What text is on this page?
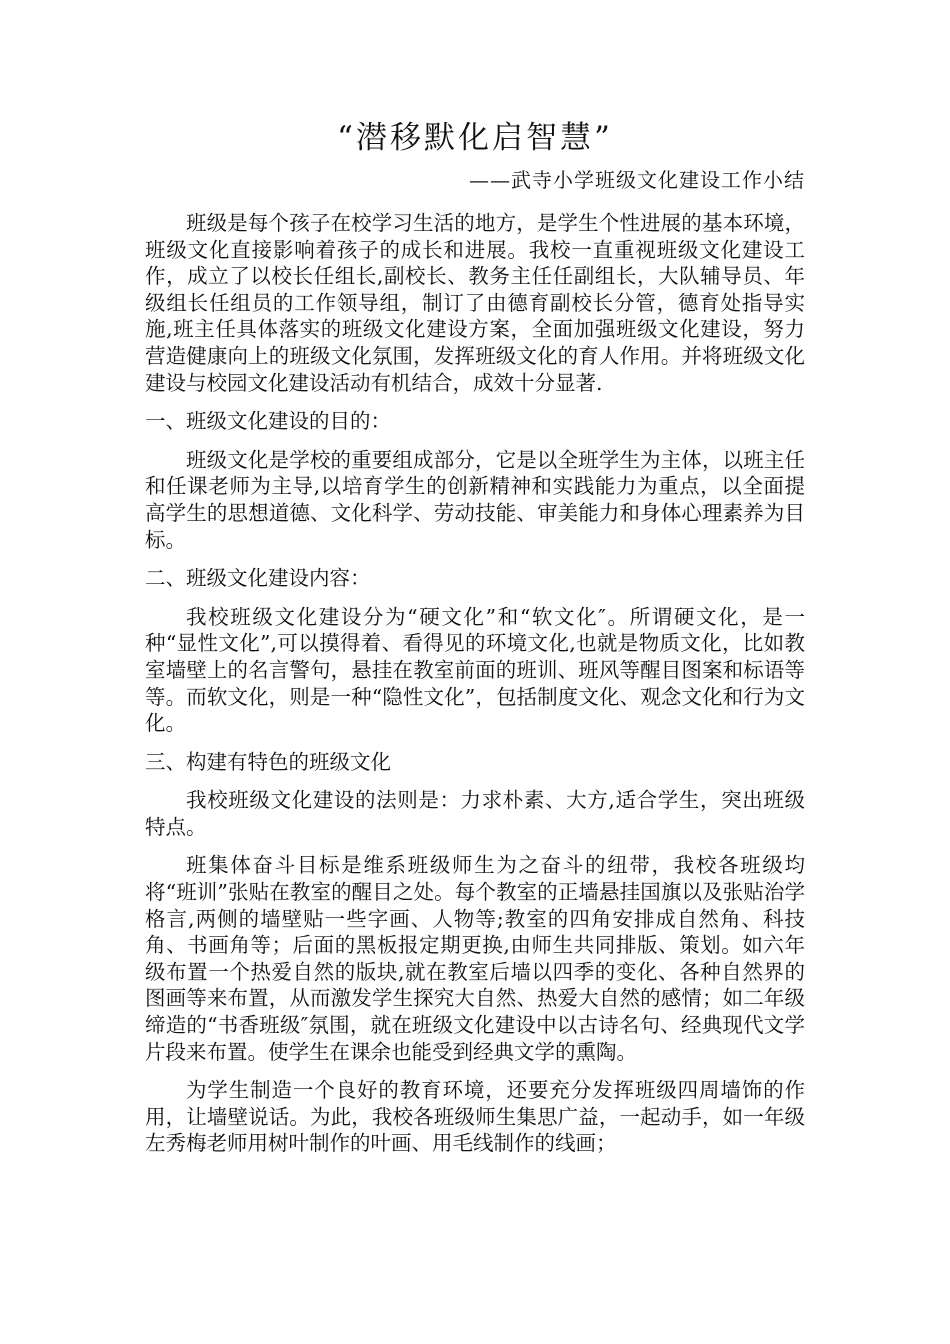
“潜移默化启智慧”
——武寺小学班级文化建设工作小结

班级是每个孩子在校学习生活的地方，是学生个性进展的基本环境，班级文化直接影响着孩子的成长和进展。我校一直重视班级文化建设工作，成立了以校长任组长,副校长、教务主任任副组长，大队辅导员、年级组长任组员的工作领导组，制订了由德育副校长分管，德育处指导实施,班主任具体落实的班级文化建设方案，全面加强班级文化建设，努力营造健康向上的班级文化氛围，发挥班级文化的育人作用。并将班级文化建设与校园文化建设活动有机结合，成效十分显著.

一、班级文化建设的目的：

班级文化是学校的重要组成部分，它是以全班学生为主体，以班主任和任课老师为主导,以培育学生的创新精神和实践能力为重点，以全面提高学生的思想道德、文化科学、劳动技能、审美能力和身体心理素养为目标。

二、班级文化建设内容：

我校班级文化建设分为“硬文化”和“软文化″。所谓硬文化，是一种“显性文化”,可以摸得着、看得见的环境文化,也就是物质文化，比如教室墙壁上的名言警句，悬挂在教室前面的班训、班风等醒目图案和标语等等。而软文化，则是一种“隐性文化”，包括制度文化、观念文化和行为文化。

三、构建有特色的班级文化

我校班级文化建设的法则是：力求朴素、大方,适合学生，突出班级特点。

班集体奋斗目标是维系班级师生为之奋斗的纽带，我校各班级均将“班训”张贴在教室的醒目之处。每个教室的正墙悬挂国旗以及张贴治学格言,两侧的墙壁贴一些字画、人物等;教室的四角安排成自然角、科技角、书画角等；后面的黑板报定期更换,由师生共同排版、策划。如六年级布置一个热爱自然的版块,就在教室后墙以四季的变化、各种自然界的图画等来布置，从而激发学生探究大自然、热爱大自然的感情；如二年级缔造的“书香班级″氛围，就在班级文化建设中以古诗名句、经典现代文学片段来布置。使学生在课余也能受到经典文学的熏陶。

为学生制造一个良好的教育环境，还要充分发挥班级四周墙饰的作用，让墙壁说话。为此，我校各班级师生集思广益，一起动手，如一年级左秀梅老师用树叶制作的叶画、用毛线制作的线画；
